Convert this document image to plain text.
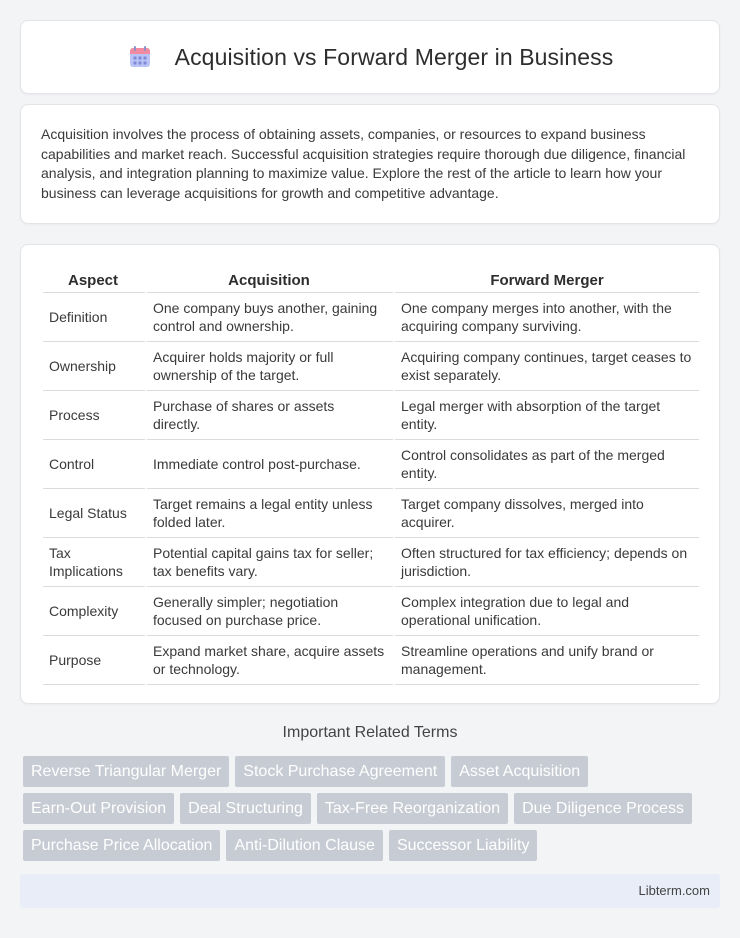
Acquisition vs Forward Merger in Business

Acquisition involves the process of obtaining assets, companies, or resources to expand business capabilities and market reach. Successful acquisition strategies require thorough due diligence, financial analysis, and integration planning to maximize value. Explore the rest of the article to learn how your business can leverage acquisitions for growth and competitive advantage.

Aspect	Acquisition	Forward Merger
Definition	One company buys another, gaining control and ownership.	One company merges into another, with the acquiring company surviving.
Ownership	Acquirer holds majority or full ownership of the target.	Acquiring company continues, target ceases to exist separately.
Process	Purchase of shares or assets directly.	Legal merger with absorption of the target entity.
Control	Immediate control post-purchase.	Control consolidates as part of the merged entity.
Legal Status	Target remains a legal entity unless folded later.	Target company dissolves, merged into acquirer.
Tax Implications	Potential capital gains tax for seller; tax benefits vary.	Often structured for tax efficiency; depends on jurisdiction.
Complexity	Generally simpler; negotiation focused on purchase price.	Complex integration due to legal and operational unification.
Purpose	Expand market share, acquire assets or technology.	Streamline operations and unify brand or management.
Important Related Terms
Reverse Triangular Merger	Stock Purchase Agreement	Asset Acquisition
Earn-Out Provision	Deal Structuring	Tax-Free Reorganization	Due Diligence Process
Purchase Price Allocation	Anti-Dilution Clause	Successor Liability
Libterm.com
